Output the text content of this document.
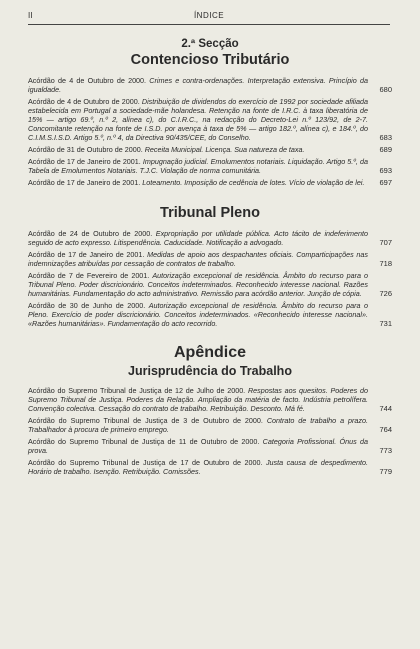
II	ÍNDICE
2.ª Secção
Contencioso Tributário
Acórdão de 4 de Outubro de 2000. Crimes e contra-ordenações. Interpretação extensiva. Princípio da igualdade.	680
Acórdão de 4 de Outubro de 2000. Distribuição de dividendos do exercício de 1992 por sociedade afiliada estabelecida em Portugal a sociedade-mãe holandesa. Retenção na fonte de I.R.C. à taxa liberatória de 15% — artigo 69.º, n.º 2, alínea c), do C.I.R.C., na redacção do Decreto-Lei n.º 123/92, de 2-7. Concomitante retenção na fonte de I.S.D. por avença à taxa de 5% — artigo 182.º, alínea c), e 184.º, do C.I.M.S.I.S.D. Artigo 5.º, n.º 4, da Directiva 90/435/CEE, do Conselho.	683
Acórdão de 31 de Outubro de 2000. Receita Municipal. Licença. Sua natureza de taxa.	689
Acórdão de 17 de Janeiro de 2001. Impugnação judicial. Emolumentos notariais. Liquidação. Artigo 5.º, da Tabela de Emolumentos Notariais. T.J.C. Violação de norma comunitária.	693
Acórdão de 17 de Janeiro de 2001. Loteamento. Imposição de cedência de lotes. Vício de violação de lei. 697
Tribunal Pleno
Acórdão de 24 de Outubro de 2000. Expropriação por utilidade pública. Acto tácito de indeferimento seguido de acto expresso. Litispendência. Caducidade. Notificação a advogado.	707
Acórdão de 17 de Janeiro de 2001. Medidas de apoio aos despachantes oficiais. Comparticipações nas indemnizações atribuídas por cessação de contratos de trabalho.	718
Acórdão de 7 de Fevereiro de 2001. Autorização excepcional de residência. Âmbito do recurso para o Tribunal Pleno. Poder discricionário. Conceitos indeterminados. Reconhecido interesse nacional. Razões humanitárias. Fundamentação do acto administrativo. Remissão para acórdão anterior. Junção de cópia. 726
Acórdão de 30 de Junho de 2000. Autorização excepcional de residência. Âmbito do recurso para o Pleno. Exercício de poder discricionário. Conceitos indeterminados. «Reconhecido interesse nacional». «Razões humanitárias». Fundamentação do acto recorrido.	731
Apêndice
Jurisprudência do Trabalho
Acórdão do Supremo Tribunal de Justiça de 12 de Julho de 2000. Respostas aos quesitos. Poderes do Supremo Tribunal de Justiça. Poderes da Relação. Ampliação da matéria de facto. Indústria petrolífera. Convenção colectiva. Cessação do contrato de trabalho. Retribuição. Desconto. Má fé.	744
Acórdão do Supremo Tribunal de Justiça de 3 de Outubro de 2000. Contrato de trabalho a prazo. Trabalhador à procura de primeiro emprego.	764
Acórdão do Supremo Tribunal de Justiça de 11 de Outubro de 2000. Categoria Profissional. Ónus da prova.	773
Acórdão do Supremo Tribunal de Justiça de 17 de Outubro de 2000. Justa causa de despedimento. Horário de trabalho. Isenção. Retribuição. Comissões.	779
